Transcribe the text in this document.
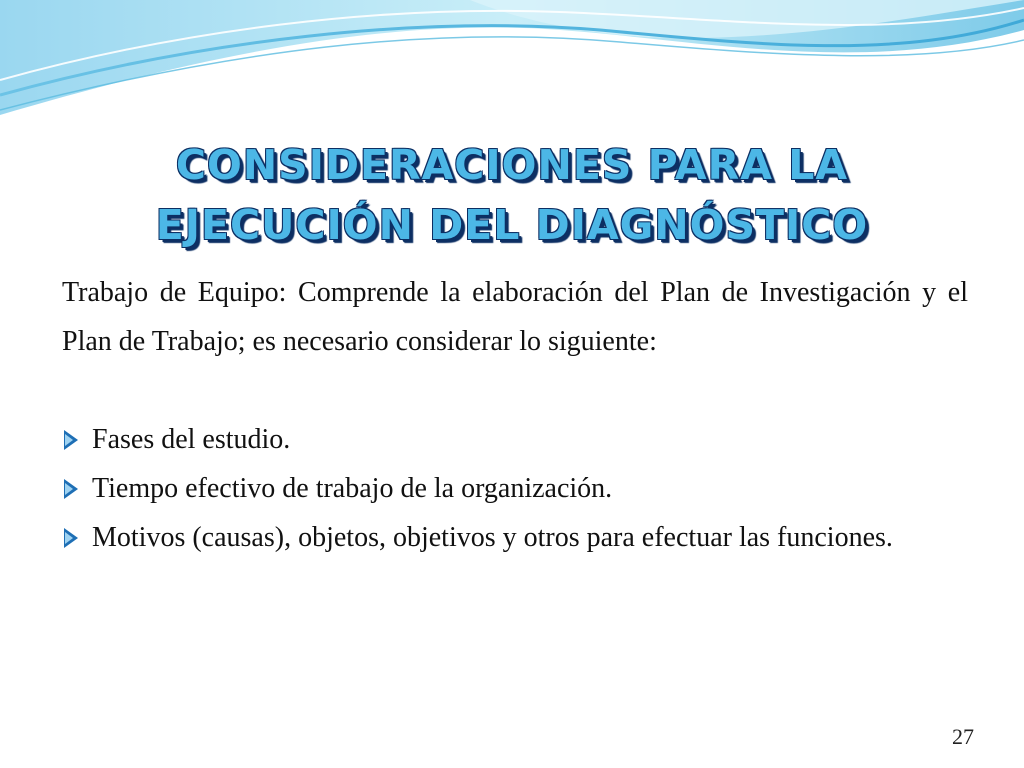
CONSIDERACIONES PARA LA
EJECUCIÓN DEL DIAGNÓSTICO

Trabajo de Equipo: Comprende la elaboración del Plan de Investigación y el Plan de Trabajo; es necesario considerar lo siguiente:

Fases del estudio.
Tiempo efectivo de trabajo de la organización.
Motivos (causas), objetos, objetivos y otros para efectuar las funciones.
27
